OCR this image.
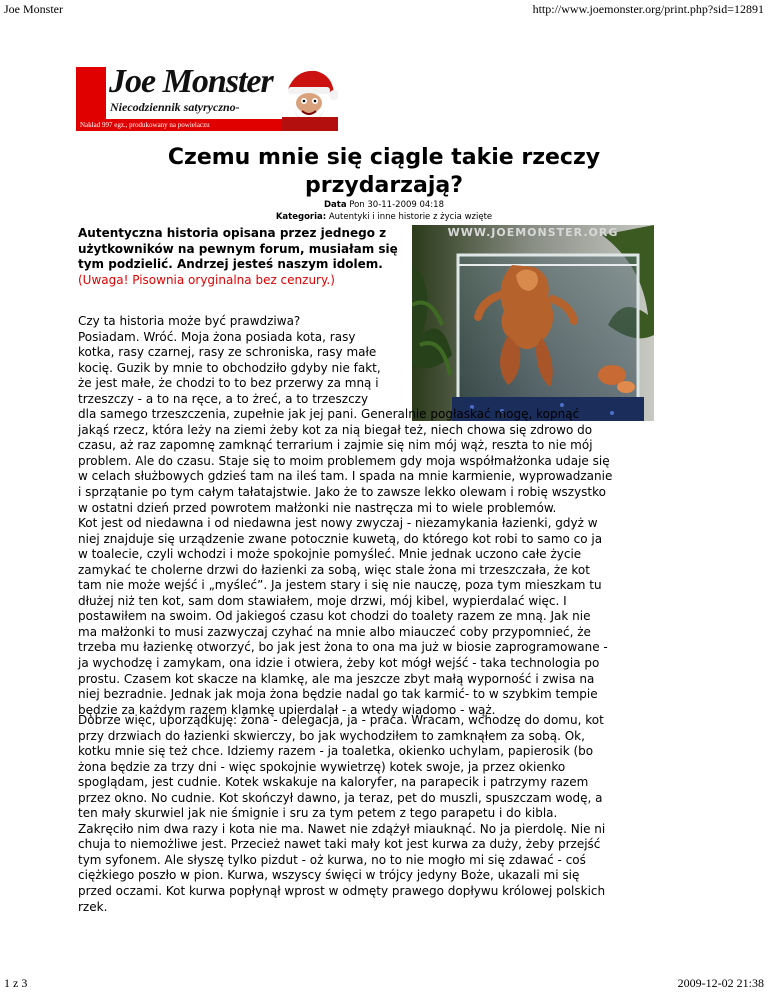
Joe Monster	http://www.joemonster.org/print.php?sid=12891
Joe Monster
Niecodziennik satyryczno-
Nakład 997 egz., produkowany na powielaczu
Czemu mnie się ciągle takie rzeczy przydarzają?
Data Pon 30-11-2009 04:18
Kategoria: Autentyki i inne historie z życia wzięte
WWW.JOEMONSTER.ORG
Autentyczna historia opisana przez jednego z użytkowników na pewnym forum, musiałam się tym podzielić. Andrzej jesteś naszym idolem.
(Uwaga! Pisownia oryginalna bez cenzury.)
Czy ta historia może być prawdziwa?
Posiadam. Wróć. Moja żona posiada kota, rasy
kotka, rasy czarnej, rasy ze schroniska, rasy małe
kocię. Guzik by mnie to obchodziło gdyby nie fakt,
że jest małe, że chodzi to to bez przerwy za mną i
trzeszczy - a to na ręce, a to żreć, a to trzeszczy
dla samego trzeszczenia, zupełnie jak jej pani. Generalnie pogłaskać mogę, kopnąć
jakąś rzecz, która leży na ziemi żeby kot za nią biegał też, niech chowa się zdrowo do
czasu, aż raz zapomnę zamknąć terrarium i zajmie się nim mój wąż, reszta to nie mój
problem. Ale do czasu. Staje się to moim problemem gdy moja współmałżonka udaje się
w celach służbowych gdzieś tam na ileś tam. I spada na mnie karmienie, wyprowadzanie
i sprzątanie po tym całym tałatajstwie. Jako że to zawsze lekko olewam i robię wszystko
w ostatni dzień przed powrotem małżonki nie nastręcza mi to wiele problemów.
Kot jest od niedawna i od niedawna jest nowy zwyczaj - niezamykania łazienki, gdyż w
niej znajduje się urządzenie zwane potocznie kuwetą, do którego kot robi to samo co ja
w toalecie, czyli wchodzi i może spokojnie pomyśleć. Mnie jednak uczono całe życie
zamykać te cholerne drzwi do łazienki za sobą, więc stale żona mi trzeszczała, że kot
tam nie może wejść i „myśleć”. Ja jestem stary i się nie nauczę, poza tym mieszkam tu
dłużej niż ten kot, sam dom stawiałem, moje drzwi, mój kibel, wypierdalać więc. I
postawiłem na swoim. Od jakiegoś czasu kot chodzi do toalety razem ze mną. Jak nie
ma małżonki to musi zazwyczaj czyhać na mnie albo miauczeć coby przypomnieć, że
trzeba mu łazienkę otworzyć, bo jak jest żona to ona ma już w biosie zaprogramowane -
ja wychodzę i zamykam, ona idzie i otwiera, żeby kot mógł wejść - taka technologia po
prostu. Czasem kot skacze na klamkę, ale ma jeszcze zbyt małą wyporność i zwisa na
niej bezradnie. Jednak jak moja żona będzie nadal go tak karmić- to w szybkim tempie
będzie za każdym razem klamkę upierdalał - a wtedy wiadomo - wąż.
Dobrze więc, uporządkuję: żona - delegacja, ja - praca. Wracam, wchodzę do domu, kot
przy drzwiach do łazienki skwierczy, bo jak wychodziłem to zamknąłem za sobą. Ok,
kotku mnie się też chce. Idziemy razem - ja toaletka, okienko uchylam, papierosik (bo
żona będzie za trzy dni - więc spokojnie wywietrzę) kotek swoje, ja przez okienko
spoglądam, jest cudnie. Kotek wskakuje na kaloryfer, na parapecik i patrzymy razem
przez okno. No cudnie. Kot skończył dawno, ja teraz, pet do muszli, spuszczam wodę, a
ten mały skurwiel jak nie śmignie i sru za tym petem z tego parapetu i do kibla.
Zakręciło nim dwa razy i kota nie ma. Nawet nie zdążył miauknąć. No ja pierdolę. Nie ni
chuja to niemożliwe jest. Przecież nawet taki mały kot jest kurwa za duży, żeby przejść
tym syfonem. Ale słyszę tylko pizdut - oż kurwa, no to nie mogło mi się zdawać - coś
ciężkiego poszło w pion. Kurwa, wszyscy święci w trójcy jedyny Boże, ukazali mi się
przed oczami. Kot kurwa popłynął wprost w odmęty prawego dopływu królowej polskich
rzek.
1 z 3	2009-12-02 21:38
